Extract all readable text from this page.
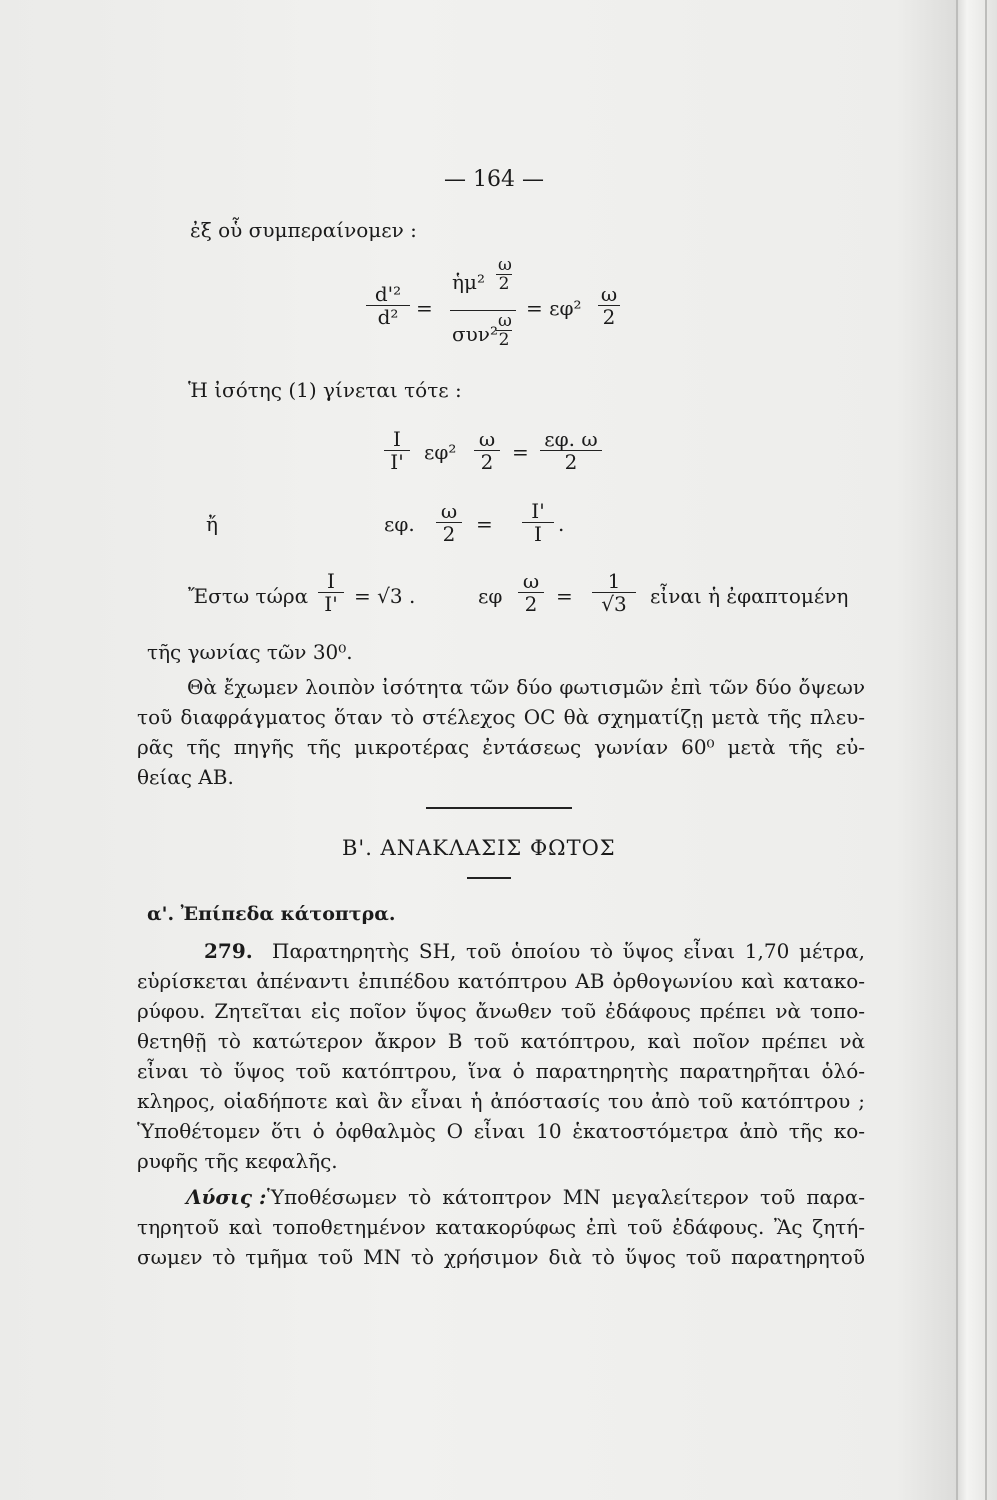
— 164 —
ἐξ οὗ συμπεραίνομεν :
$\frac{\text{d'²}}{\text{d²}}$ =
ἡμ² $\frac{\omega}{2}$
συν²
$\frac{\omega}{2}$
= $\varepsilon\varphi^2 \frac{\omega}{2}$
Ἡ ἰσότης (1) γίνεται τότε :
$\frac{I}{I'} \varepsilon\varphi^2 \frac{\omega}{2} = \frac{\varepsilon\varphi. \omega}{2}$
ἤ	εφ. $\frac{\omega}{2} = \frac{I'}{I}$ .
Ἔστω τώρα $\frac{I}{I'} = √3$ .	εφ $\frac{\omega}{2} = \frac{1}{√3}$ εἶναι ἡ ἐφαπτομένη
τῆς γωνίας τῶν 30⁰.
Θὰ ἔχωμεν λοιπὸν ἰσότητα τῶν δύο φωτισμῶν ἐπὶ τῶν δύο ὄψεων
τοῦ διαφράγματος ὅταν τὸ στέλεχος ΟC θὰ σχηματίζῃ μετὰ τῆς πλευ-
ρᾶς τῆς πηγῆς τῆς μικροτέρας ἐντάσεως γωνίαν 60⁰ μετὰ τῆς εὐ-
θείας ΑΒ.
Β'. ΑΝΑΚΛΑΣΙΣ ΦΩΤΟΣ
α'. Ἐπίπεδα κάτοπτρα.
279. Παρατηρητὴς SH, τοῦ ὁποίου τὸ ὕψος εἶναι 1,70 μέτρα,
εὑρίσκεται ἀπέναντι ἐπιπέδου κατόπτρου ΑΒ ὀρθογωνίου καὶ κατακο-
ρύφου. Ζητεῖται εἰς ποῖον ὕψος ἄνωθεν τοῦ ἐδάφους πρέπει νὰ τοπο-
θετηθῇ τὸ κατώτερον ἄκρον Β τοῦ κατόπτρου, καὶ ποῖον πρέπει νὰ
εἶναι τὸ ὕψος τοῦ κατόπτρου, ἵνα ὁ παρατηρητὴς παρατηρῆται ὁλό-
κληρος, οἱαδήποτε καὶ ἂν εἶναι ἡ ἀπόστασίς του ἀπὸ τοῦ κατόπτρου ;
Ὑποθέτομεν ὅτι ὁ ὀφθαλμὸς Ο εἶναι 10 ἑκατοστόμετρα ἀπὸ τῆς κο-
ρυφῆς τῆς κεφαλῆς.
Λύσις : Ὑποθέσωμεν τὸ κάτοπτρον ΜΝ μεγαλείτερον τοῦ παρα-
τηρητοῦ καὶ τοποθετημένον κατακορύφως ἐπὶ τοῦ ἐδάφους. Ἂς ζητή-
σωμεν τὸ τμῆμα τοῦ ΜΝ τὸ χρήσιμον διὰ τὸ ὕψος τοῦ παρατηρητοῦ
